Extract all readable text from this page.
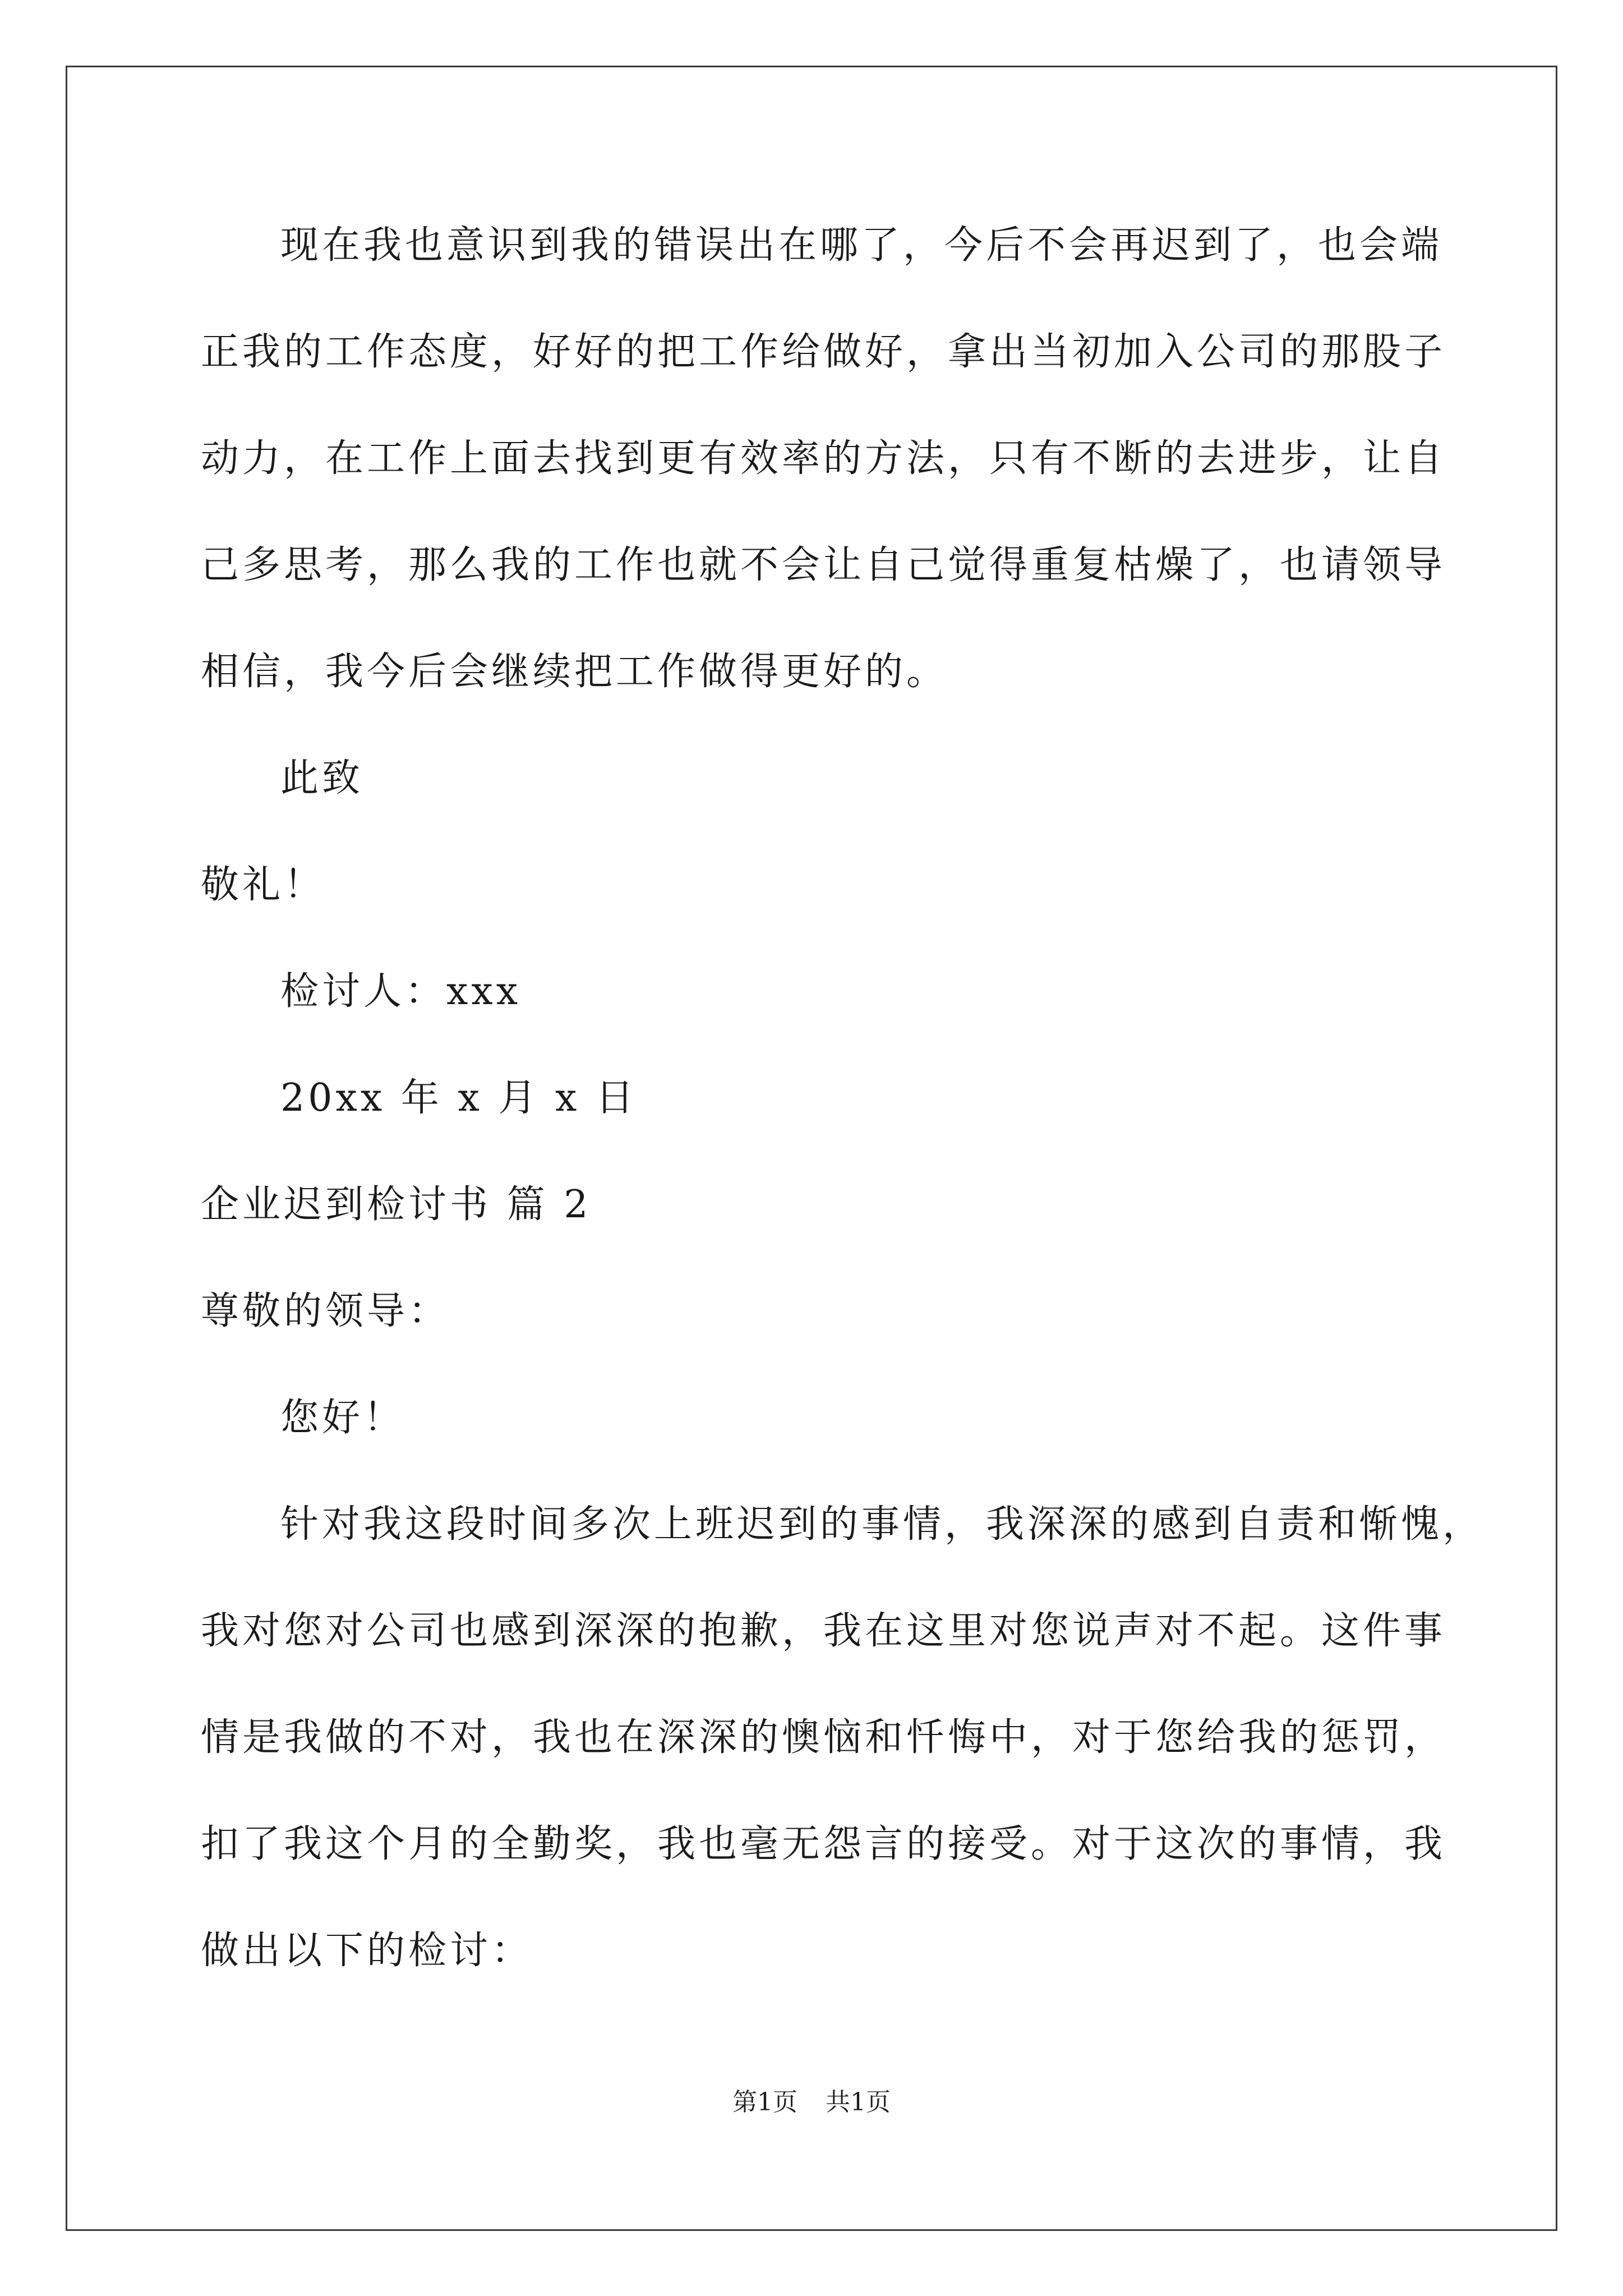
现在我也意识到我的错误出在哪了，今后不会再迟到了，也会端
正我的工作态度，好好的把工作给做好，拿出当初加入公司的那股子
动力，在工作上面去找到更有效率的方法，只有不断的去进步，让自
己多思考，那么我的工作也就不会让自己觉得重复枯燥了，也请领导
相信，我今后会继续把工作做得更好的。
此致
敬礼！
检讨人：xxx
20xx 年 x 月 x 日
企业迟到检讨书 篇 2
尊敬的领导：
您好！
针对我这段时间多次上班迟到的事情，我深深的感到自责和惭愧，
我对您对公司也感到深深的抱歉，我在这里对您说声对不起。这件事
情是我做的不对，我也在深深的懊恼和忏悔中，对于您给我的惩罚，
扣了我这个月的全勤奖，我也毫无怨言的接受。对于这次的事情，我
做出以下的检讨：
第1页 共1页
